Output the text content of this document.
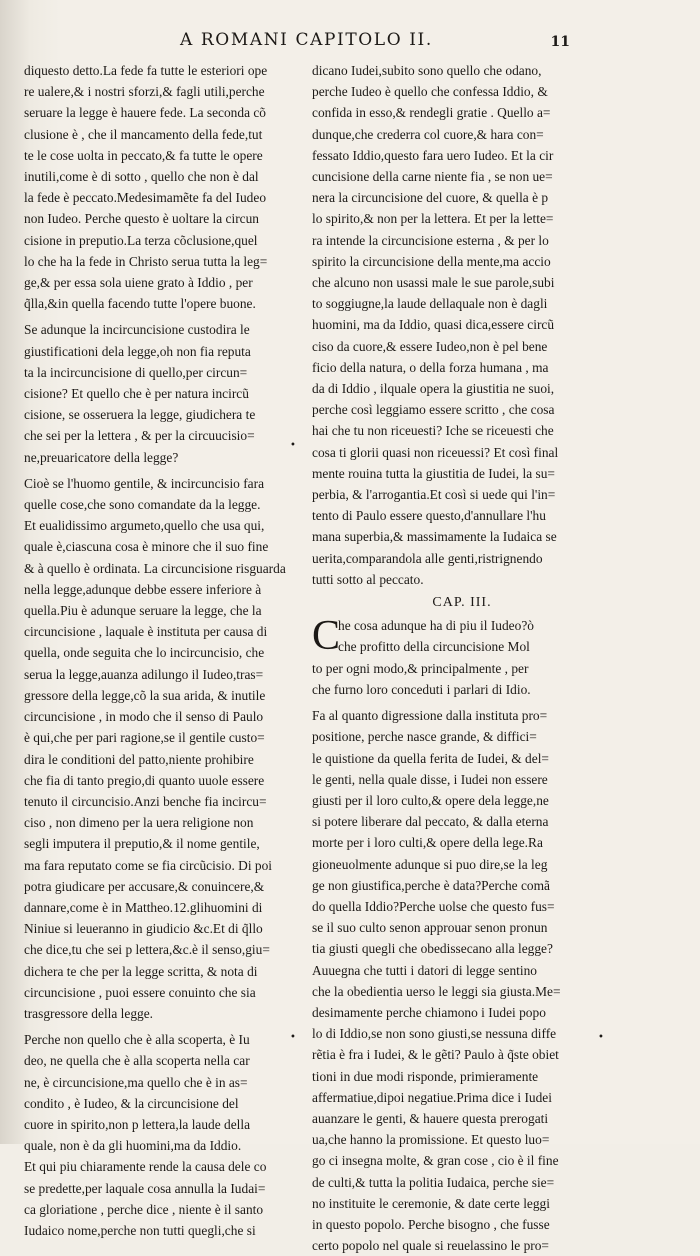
A ROMANI CAPITOLO II.	11
diquesto detto.La fede fa tutte le esteriori ope
re ualere,& i nostri sforzi,& fagli utili,perche
seruare la legge è hauere fede. La seconda cõ
clusione è , che il mancamento della fede,tut
te le cose uolta in peccato,& fa tutte le opere
inutili,come è di sotto , quello che non è dal
la fede è peccato.Medesimamẽte fa del Iudeo
non Iudeo. Perche questo è uoltare la circun
cisione in preputio.La terza cõclusione,quel
lo che ha la fede in Christo serua tutta la leg=
ge,& per essa sola uiene grato à Iddio , per
q̃lla,&in quella facendo tutte l'opere buone.
Se adunque la incircuncisione custodira le
giustificationi dela legge,oh non fia reputa
ta la incircuncisione di quello,per circun=
cisione? Et quello che è per natura incircũ
cisione, se osseruera la legge, giudichera te
che sei per la lettera , & per la circuucisio=
ne,preuaricatore della legge?
Cioè se l'huomo gentile, & incircuncisio fara
quelle cose,che sono comandate da la legge.
Et eualidissimo argumeto,quello che usa qui,
quale è,ciascuna cosa è minore che il suo fine
& à quello è ordinata. La circuncisione risguarda
nella legge,adunque debbe essere inferiore à
quella.Piu è adunque seruare la legge, che la
circuncisione , laquale è instituta per causa di
quella, onde seguita che lo incircuncisio, che
serua la legge,auanza adilungo il Iudeo,tras=
gressore della legge,cõ la sua arida, & inutile
circuncisione , in modo che il senso di Paulo
è qui,che per pari ragione,se il gentile custo=
dira le conditioni del patto,niente prohibire
che fia di tanto pregio,di quanto uuole essere
tenuto il circuncisio.Anzi benche fia incircu=
ciso , non dimeno per la uera religione non
segli imputera il preputio,& il nome gentile,
ma fara reputato come se fia circũcisio. Di poi
potra giudicare per accusare,& conuincere,&
dannare,come è in Mattheo.12.glihuomini di
Niniue si leueranno in giudicio &c.Et di q̃llo
che dice,tu che sei p lettera,&c.è il senso,giu=
dichera te che per la legge scritta, & nota di
circuncisione , puoi essere conuinto che sia
trasgressore della legge.
Perche non quello che è alla scoperta, è Iu
deo, ne quella che è alla scoperta nella car
ne, è circuncisione,ma quello che è in as=
condito , è Iudeo, & la circuncisione del
cuore in spirito,non p lettera,la laude della
quale, non è da gli huomini,ma da Iddio.
Et qui piu chiaramente rende la causa dele co
se predette,per laquale cosa annulla la Iudai=
ca gloriatione , perche dice , niente è il santo
Iudaico nome,perche non tutti quegli,che si
dicano Iudei,subito sono quello che odano,
perche Iudeo è quello che confessa Iddio, &
confida in esso,& rendegli gratie . Quello a=
dunque,che crederra col cuore,& hara con=
fessato Iddio,questo fara uero Iudeo. Et la cir
cuncisione della carne niente fia , se non ue=
nera la circuncisione del cuore, & quella è p
lo spirito,& non per la lettera. Et per la lette=
ra intende la circuncisione esterna , & per lo
spirito la circuncisione della mente,ma accio
che alcuno non usassi male le sue parole,subi
to soggiugne,la laude dellaquale non è dagli
huomini, ma da Iddio, quasi dica,essere circũ
ciso da cuore,& essere Iudeo,non è pel bene
ficio della natura, o della forza humana , ma
da di Iddio , ilquale opera la giustitia ne suoi,
perche così leggiamo essere scritto , che cosa
hai che tu non riceuesti? Iche se riceuesti che
cosa ti glorii quasi non riceuessi? Et così final
mente rouina tutta la giustitia de Iudei, la su=
perbia, & l'arrogantia.Et così si uede qui l'in=
tento di Paulo essere questo,d'annullare l'hu
mana superbia,& massimamente la Iudaica se
uerita,comparandola alle genti,ristrignendo
tutti sotto al peccato.
CAP. III.
C
he cosa adunque ha di piu il Iudeo?ò
che profitto della circuncisione Mol
to per ogni modo,& principalmente , per
che furno loro conceduti i parlari di Idio.
Fa al quanto digressione dalla instituta pro=
positione, perche nasce grande, & diffici=
le quistione da quella ferita de Iudei, & del=
le genti, nella quale disse, i Iudei non essere
giusti per il loro culto,& opere dela legge,ne
si potere liberare dal peccato, & dalla eterna
morte per i loro culti,& opere della lege.Ra
gioneuolmente adunque si puo dire,se la leg
ge non giustifica,perche è data?Perche comã
do quella Iddio?Perche uolse che questo fus=
se il suo culto senon approuar senon pronun
tia giusti quegli che obedissecano alla legge?
Auuegna che tutti i datori di legge sentino
che la obedientia uerso le leggi sia giusta.Me=
desimamente perche chiamono i Iudei popo
lo di Iddio,se non sono giusti,se nessuna diffe
rẽtia è fra i Iudei, & le gẽti? Paulo à q̃ste obiet
tioni in due modi risponde, primieramente
affermatiue,dipoi negatiue.Prima dice i Iudei
auanzare le genti, & hauere questa prerogati
ua,che hanno la promissione. Et questo luo=
go ci insegna molte, & gran cose , cio è il fine
de culti,& tutta la politia Iudaica, perche sie=
no instituite le ceremonie, & date certe leggi
in questo popolo. Perche bisogno , che fusse
certo popolo nel quale si reuelassino le pro=
•	•
•
